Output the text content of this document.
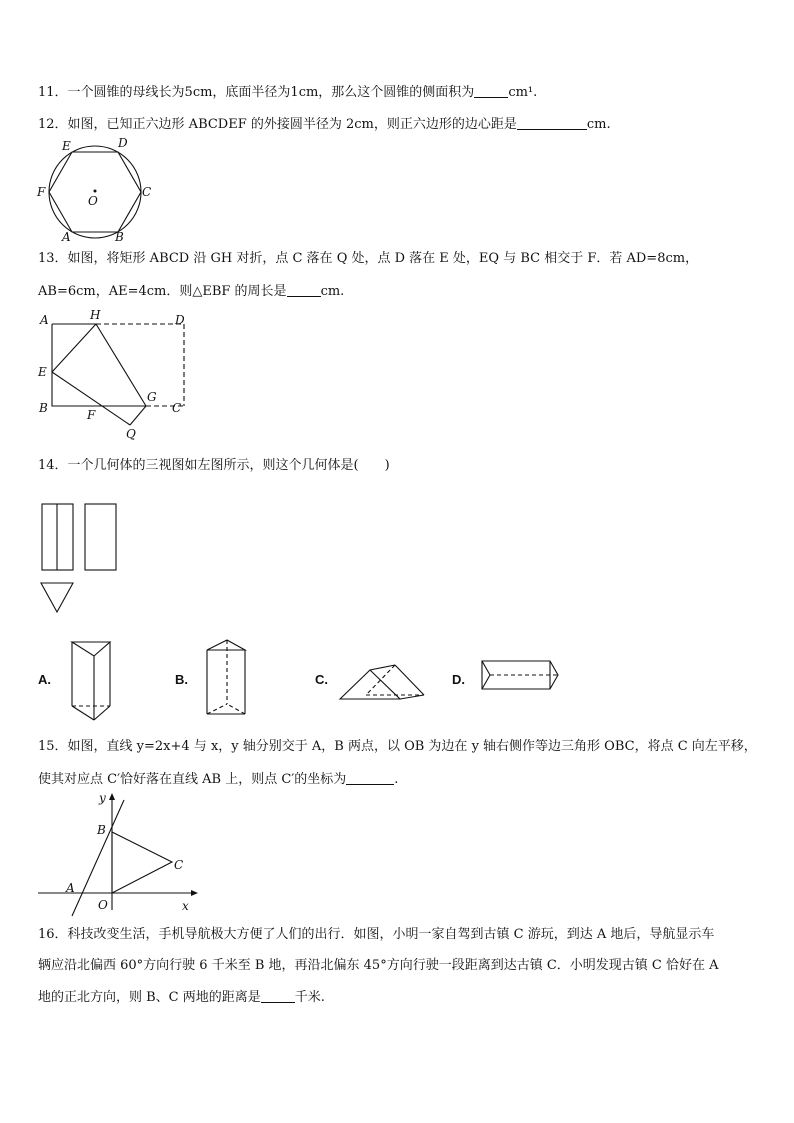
11．一个圆锥的母线长为5cm，底面半径为1cm，那么这个圆锥的侧面积为	cm¹.
12．如图，已知正六边形 ABCDEF 的外接圆半径为 2cm，则正六边形的边心距是	cm.
E	D
F	C
O
A	B
13．如图，将矩形 ABCD 沿 GH 对折，点 C 落在 Q 处，点 D 落在 E 处，EQ 与 BC 相交于 F．若 AD=8cm，
AB=6cm，AE=4cm．则△EBF 的周长是	cm.
A	H	D
E
B	F
G
C
Q
14．一个几何体的三视图如左图所示，则这个几何体是(　　)
A.	B.	C.	D.
15．如图，直线 y=2x+4 与 x，y 轴分别交于 A，B 两点，以 OB 为边在 y 轴右侧作等边三角形 OBC，将点 C 向左平移，
使其对应点 C′恰好落在直线 AB 上，则点 C′的坐标为	.
y
B
C
A
O	x
16．科技改变生活，手机导航极大方便了人们的出行．如图，小明一家自驾到古镇 C 游玩，到达 A 地后，导航显示车
辆应沿北偏西 60°方向行驶 6 千米至 B 地，再沿北偏东 45°方向行驶一段距离到达古镇 C．小明发现古镇 C 恰好在 A
地的正北方向，则 B、C 两地的距离是	千米.
